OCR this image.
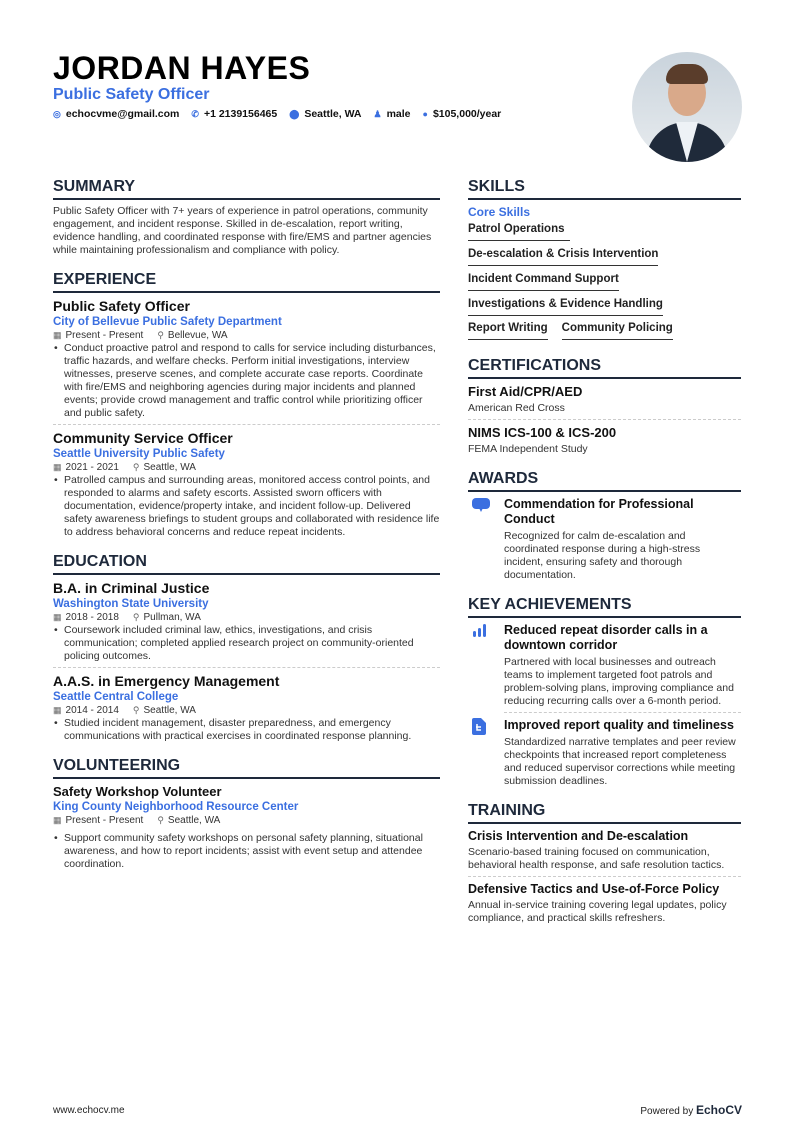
JORDAN HAYES
Public Safety Officer
◎ echocvme@gmail.com ✆ +1 2139156465 ⬤ Seattle, WA ♟ male ● $105,000/year
SUMMARY
Public Safety Officer with 7+ years of experience in patrol operations, community engagement, and incident response. Skilled in de-escalation, report writing, evidence handling, and coordinated response with fire/EMS and partner agencies while maintaining professionalism and compliance with policy.
EXPERIENCE
Public Safety Officer
City of Bellevue Public Safety Department
▦ Present - Present ⚲ Bellevue, WA
• Conduct proactive patrol and respond to calls for service including disturbances, traffic hazards, and welfare checks. Perform initial investigations, interview witnesses, preserve scenes, and complete accurate case reports. Coordinate with fire/EMS and neighboring agencies during major incidents and planned events; provide crowd management and traffic control while prioritizing officer and public safety.
Community Service Officer
Seattle University Public Safety
▦ 2021 - 2021 ⚲ Seattle, WA
• Patrolled campus and surrounding areas, monitored access control points, and responded to alarms and safety escorts. Assisted sworn officers with documentation, evidence/property intake, and incident follow-up. Delivered safety awareness briefings to student groups and collaborated with residence life to address behavioral concerns and reduce repeat incidents.
EDUCATION
B.A. in Criminal Justice
Washington State University
▦ 2018 - 2018 ⚲ Pullman, WA
• Coursework included criminal law, ethics, investigations, and crisis communication; completed applied research project on community-oriented policing outcomes.
A.A.S. in Emergency Management
Seattle Central College
▦ 2014 - 2014 ⚲ Seattle, WA
• Studied incident management, disaster preparedness, and emergency communications with practical exercises in coordinated response planning.
VOLUNTEERING
Safety Workshop Volunteer
King County Neighborhood Resource Center
▦ Present - Present ⚲ Seattle, WA
• Support community safety workshops on personal safety planning, situational awareness, and how to report incidents; assist with event setup and attendee coordination.
SKILLS
Core Skills
Patrol Operations
De-escalation & Crisis Intervention
Incident Command Support
Investigations & Evidence Handling
Report Writing Community Policing
CERTIFICATIONS
First Aid/CPR/AED
American Red Cross
NIMS ICS-100 & ICS-200
FEMA Independent Study
AWARDS
Commendation for Professional Conduct
Recognized for calm de-escalation and coordinated response during a high-stress incident, ensuring safety and thorough documentation.
KEY ACHIEVEMENTS
Reduced repeat disorder calls in a downtown corridor
Partnered with local businesses and outreach teams to implement targeted foot patrols and problem-solving plans, improving compliance and reducing recurring calls over a 6-month period.
Improved report quality and timeliness
Standardized narrative templates and peer review checkpoints that increased report completeness and reduced supervisor corrections while meeting submission deadlines.
TRAINING
Crisis Intervention and De-escalation
Scenario-based training focused on communication, behavioral health response, and safe resolution tactics.
Defensive Tactics and Use-of-Force Policy
Annual in-service training covering legal updates, policy compliance, and practical skills refreshers.
www.echocv.me	Powered by EchoCV
